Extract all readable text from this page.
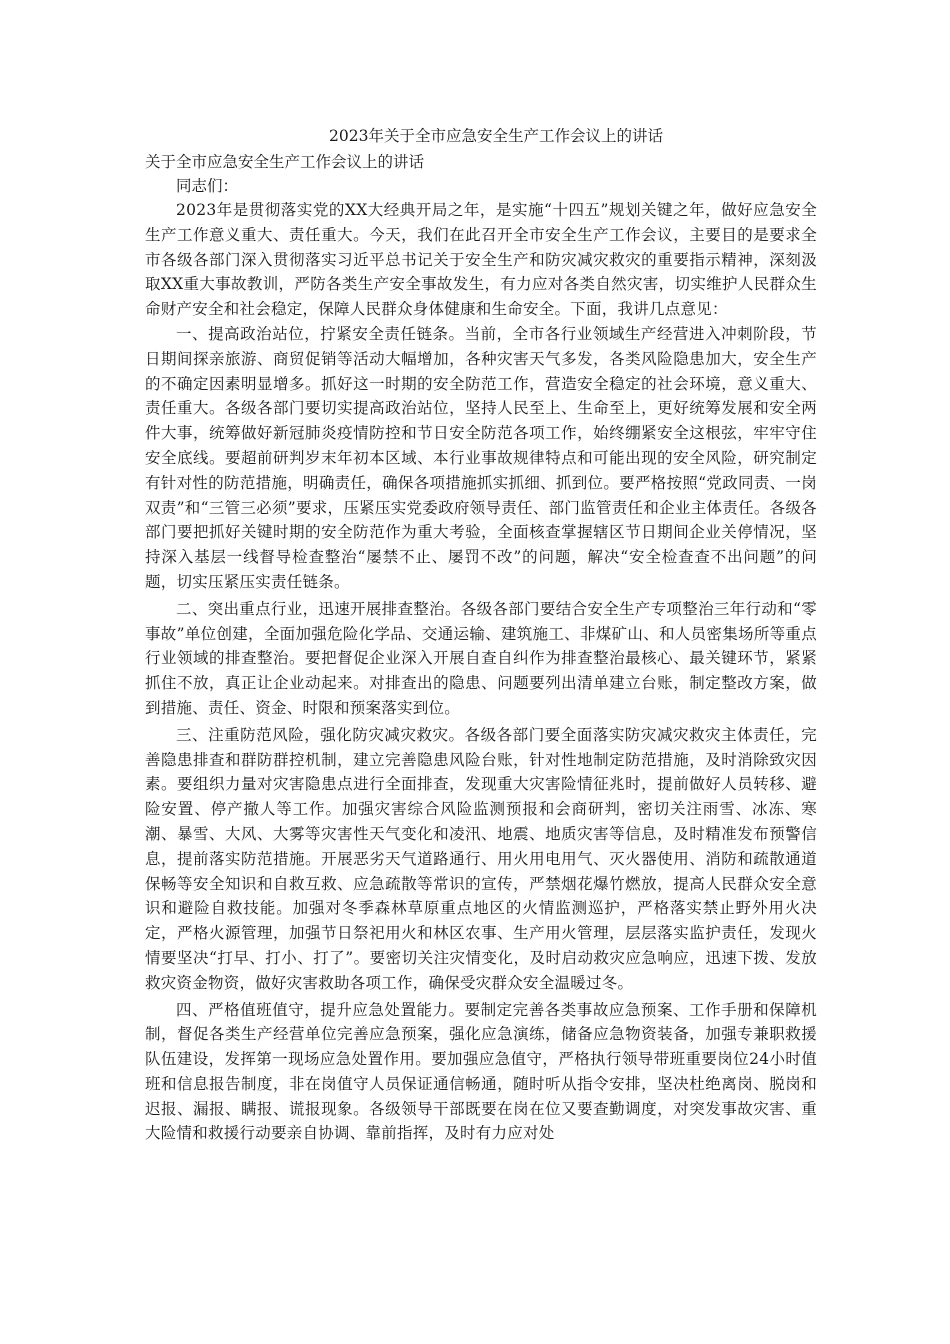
2023年关于全市应急安全生产工作会议上的讲话

关于全市应急安全生产工作会议上的讲话

同志们：

2023年是贯彻落实党的XX大经典开局之年，是实施“十四五”规划关键之年，做好应急安全生产工作意义重大、责任重大。今天，我们在此召开全市安全生产工作会议，主要目的是要求全市各级各部门深入贯彻落实习近平总书记关于安全生产和防灾减灾救灾的重要指示精神，深刻汲取XX重大事故教训，严防各类生产安全事故发生，有力应对各类自然灾害，切实维护人民群众生命财产安全和社会稳定，保障人民群众身体健康和生命安全。下面，我讲几点意见：

一、提高政治站位，拧紧安全责任链条。当前，全市各行业领域生产经营进入冲刺阶段，节日期间探亲旅游、商贸促销等活动大幅增加，各种灾害天气多发，各类风险隐患加大，安全生产的不确定因素明显增多。抓好这一时期的安全防范工作，营造安全稳定的社会环境，意义重大、责任重大。各级各部门要切实提高政治站位，坚持人民至上、生命至上，更好统筹发展和安全两件大事，统筹做好新冠肺炎疫情防控和节日安全防范各项工作，始终绷紧安全这根弦，牢牢守住安全底线。要超前研判岁末年初本区域、本行业事故规律特点和可能出现的安全风险，研究制定有针对性的防范措施，明确责任，确保各项措施抓实抓细、抓到位。要严格按照“党政同责、一岗双责”和“三管三必须”要求，压紧压实党委政府领导责任、部门监管责任和企业主体责任。各级各部门要把抓好关键时期的安全防范作为重大考验，全面核查掌握辖区节日期间企业关停情况，坚持深入基层一线督导检查整治“屡禁不止、屡罚不改”的问题，解决“安全检查查不出问题”的问题，切实压紧压实责任链条。

二、突出重点行业，迅速开展排查整治。各级各部门要结合安全生产专项整治三年行动和“零事故”单位创建，全面加强危险化学品、交通运输、建筑施工、非煤矿山、和人员密集场所等重点行业领域的排查整治。要把督促企业深入开展自查自纠作为排查整治最核心、最关键环节，紧紧抓住不放，真正让企业动起来。对排查出的隐患、问题要列出清单建立台账，制定整改方案，做到措施、责任、资金、时限和预案落实到位。

三、注重防范风险，强化防灾减灾救灾。各级各部门要全面落实防灾减灾救灾主体责任，完善隐患排查和群防群控机制，建立完善隐患风险台账，针对性地制定防范措施，及时消除致灾因素。要组织力量对灾害隐患点进行全面排查，发现重大灾害险情征兆时，提前做好人员转移、避险安置、停产撤人等工作。加强灾害综合风险监测预报和会商研判，密切关注雨雪、冰冻、寒潮、暴雪、大风、大雾等灾害性天气变化和凌汛、地震、地质灾害等信息，及时精准发布预警信息，提前落实防范措施。开展恶劣天气道路通行、用火用电用气、灭火器使用、消防和疏散通道保畅等安全知识和自救互救、应急疏散等常识的宣传，严禁烟花爆竹燃放，提高人民群众安全意识和避险自救技能。加强对冬季森林草原重点地区的火情监测巡护，严格落实禁止野外用火决定，严格火源管理，加强节日祭祀用火和林区农事、生产用火管理，层层落实监护责任，发现火情要坚决“打早、打小、打了”。要密切关注灾情变化，及时启动救灾应急响应，迅速下拨、发放救灾资金物资，做好灾害救助各项工作，确保受灾群众安全温暖过冬。

四、严格值班值守，提升应急处置能力。要制定完善各类事故应急预案、工作手册和保障机制，督促各类生产经营单位完善应急预案，强化应急演练，储备应急物资装备，加强专兼职救援队伍建设，发挥第一现场应急处置作用。要加强应急值守，严格执行领导带班重要岗位24小时值班和信息报告制度，非在岗值守人员保证通信畅通，随时听从指令安排，坚决杜绝离岗、脱岗和迟报、漏报、瞒报、谎报现象。各级领导干部既要在岗在位又要查勤调度，对突发事故灾害、重大险情和救援行动要亲自协调、靠前指挥，及时有力应对处
